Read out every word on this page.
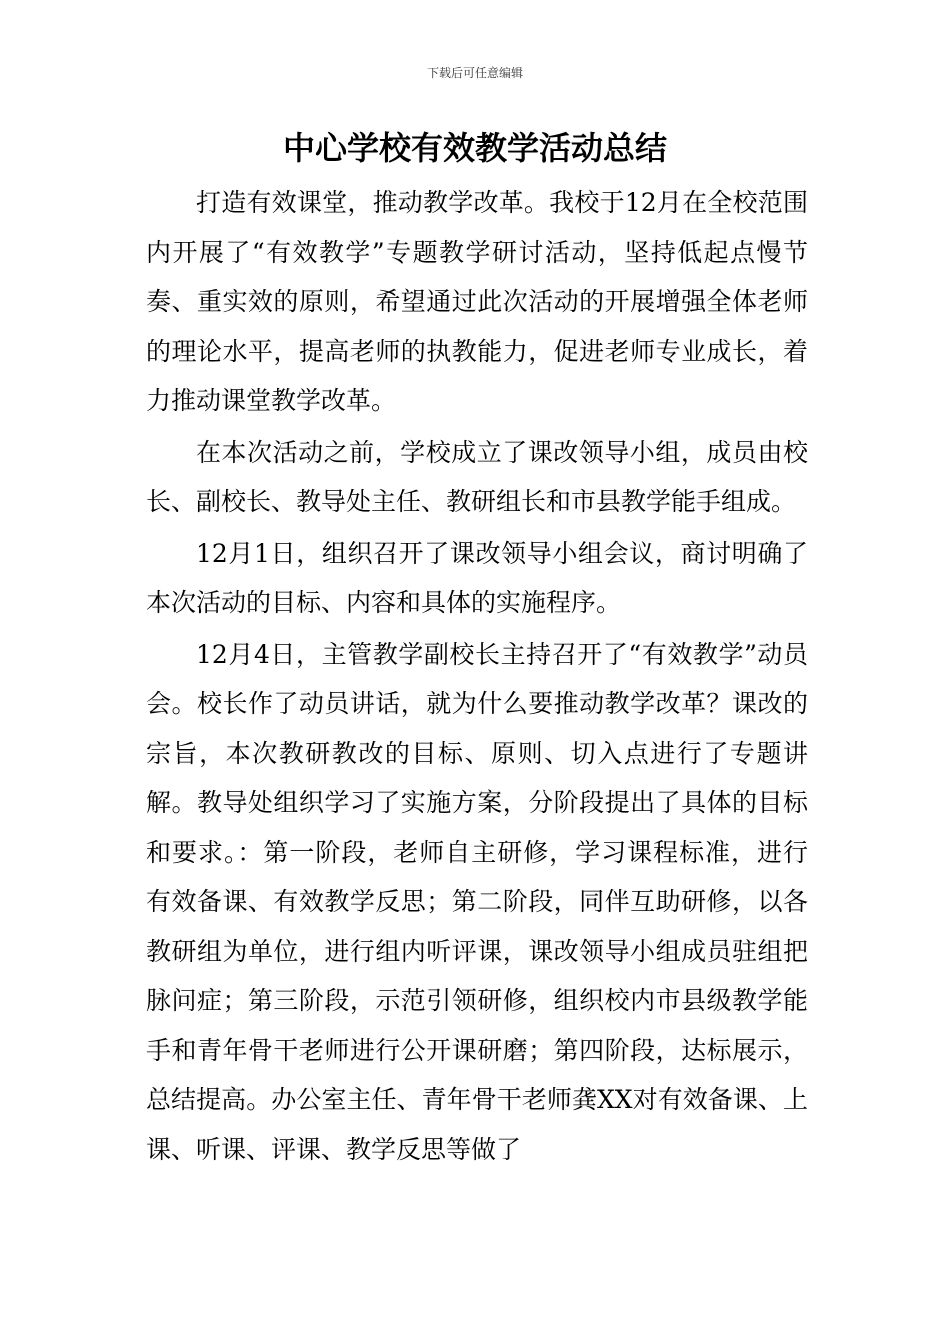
下载后可任意编辑
中心学校有效教学活动总结

打造有效课堂，推动教学改革。我校于12月在全校范围内开展了“有效教学”专题教学研讨活动，坚持低起点慢节奏、重实效的原则，希望通过此次活动的开展增强全体老师的理论水平，提高老师的执教能力，促进老师专业成长，着力推动课堂教学改革。

在本次活动之前，学校成立了课改领导小组，成员由校长、副校长、教导处主任、教研组长和市县教学能手组成。

12月1日，组织召开了课改领导小组会议，商讨明确了本次活动的目标、内容和具体的实施程序。

12月4日，主管教学副校长主持召开了“有效教学”动员会。校长作了动员讲话，就为什么要推动教学改革？课改的宗旨，本次教研教改的目标、原则、切入点进行了专题讲解。教导处组织学习了实施方案，分阶段提出了具体的目标和要求。：第一阶段，老师自主研修，学习课程标准，进行有效备课、有效教学反思；第二阶段，同伴互助研修，以各教研组为单位，进行组内听评课，课改领导小组成员驻组把脉问症；第三阶段，示范引领研修，组织校内市县级教学能手和青年骨干老师进行公开课研磨；第四阶段，达标展示，总结提高。办公室主任、青年骨干老师龚XX对有效备课、上课、听课、评课、教学反思等做了
